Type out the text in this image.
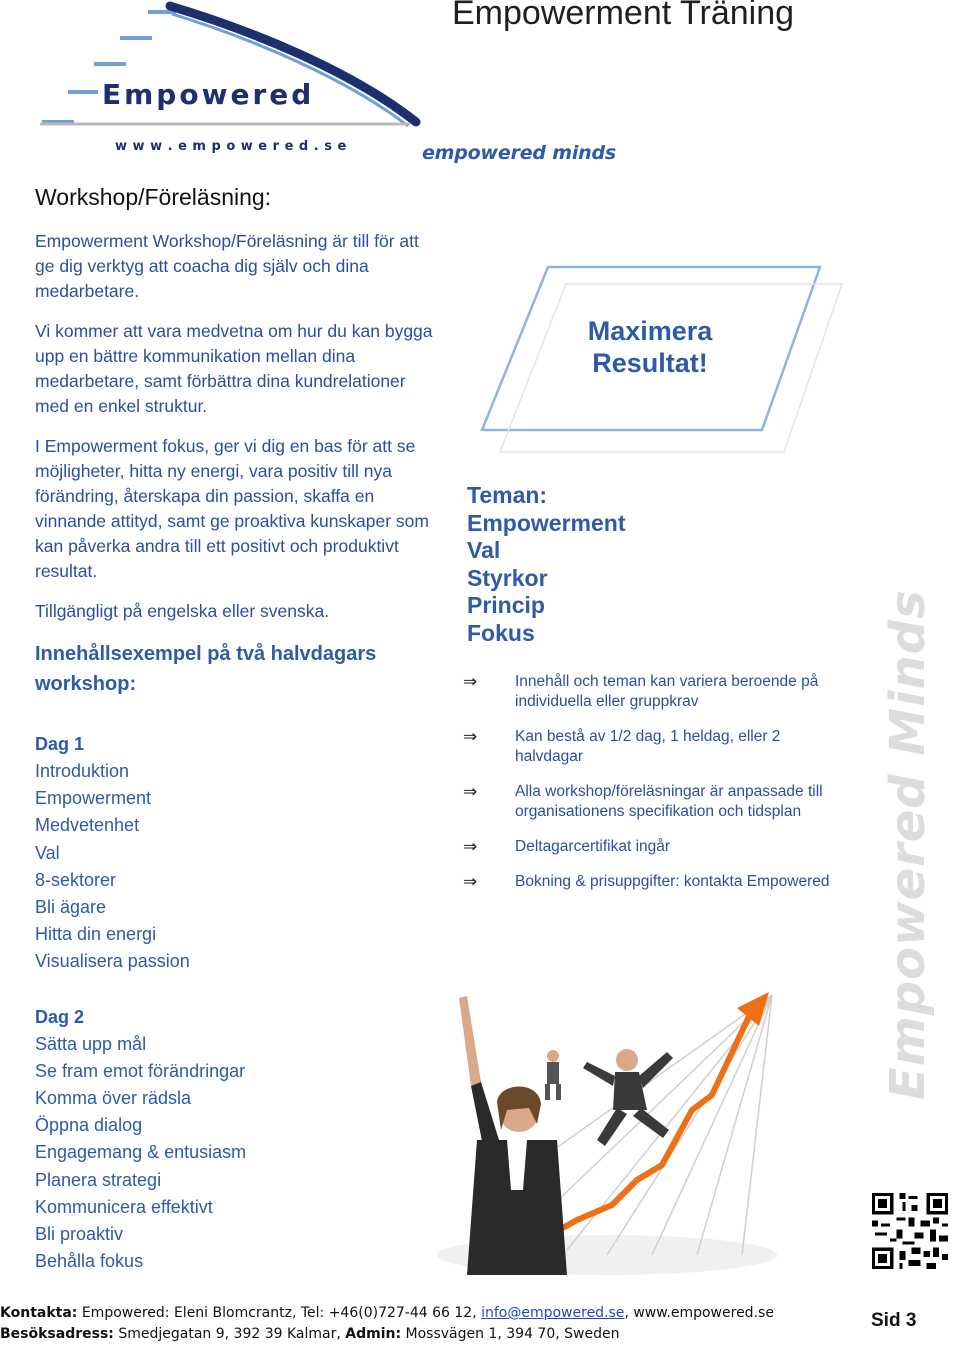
Empowered
w w w . e m p o w e r e d . s e
Empowerment Träning
empowered minds
Workshop/Föreläsning:

Empowerment Workshop/Föreläsning är till för att ge dig verktyg att coacha dig själv och dina medarbetare.

Vi kommer att vara medvetna om hur du kan bygga upp en bättre kommunikation mellan dina medarbetare, samt förbättra dina kundrelationer med en enkel struktur.

I Empowerment fokus, ger vi dig en bas för att se möjligheter, hitta ny energi, vara positiv till nya förändring, återskapa din passion, skaffa en vinnande attityd, samt ge proaktiva kunskaper som kan påverka andra till ett positivt och produktivt resultat.

Tillgängligt på engelska eller svenska.

Innehållsexempel på två halvdagars
workshop:
Dag 1
Introduktion
Empowerment
Medvetenhet
Val
8-sektorer
Bli ägare
Hitta din energi
Visualisera passion
Dag 2
Sätta upp mål
Se fram emot förändringar
Komma över rädsla
Öppna dialog
Engagemang & entusiasm
Planera strategi
Kommunicera effektivt
Bli proaktiv
Behålla fokus
Maximera
Resultat!
Teman:
Empowerment
Val
Styrkor
Princip
Fokus
⇒ Innehåll och teman kan variera beroende på individuella eller gruppkrav
⇒ Kan bestå av 1/2 dag, 1 heldag, eller 2 halvdagar
⇒ Alla workshop/föreläsningar är anpassade till organisationens specifikation och tidsplan
⇒ Deltagarcertifikat ingår
⇒ Bokning & prisuppgifter: kontakta Empowered Empowered Minds
Kontakta: Empowered: Eleni Blomcrantz, Tel: +46(0)727-44 66 12, info@empowered.se, www.empowered.se
Besöksadress: Smedjegatan 9, 392 39 Kalmar, Admin: Mossvägen 1, 394 70, Sweden
Sid 3
